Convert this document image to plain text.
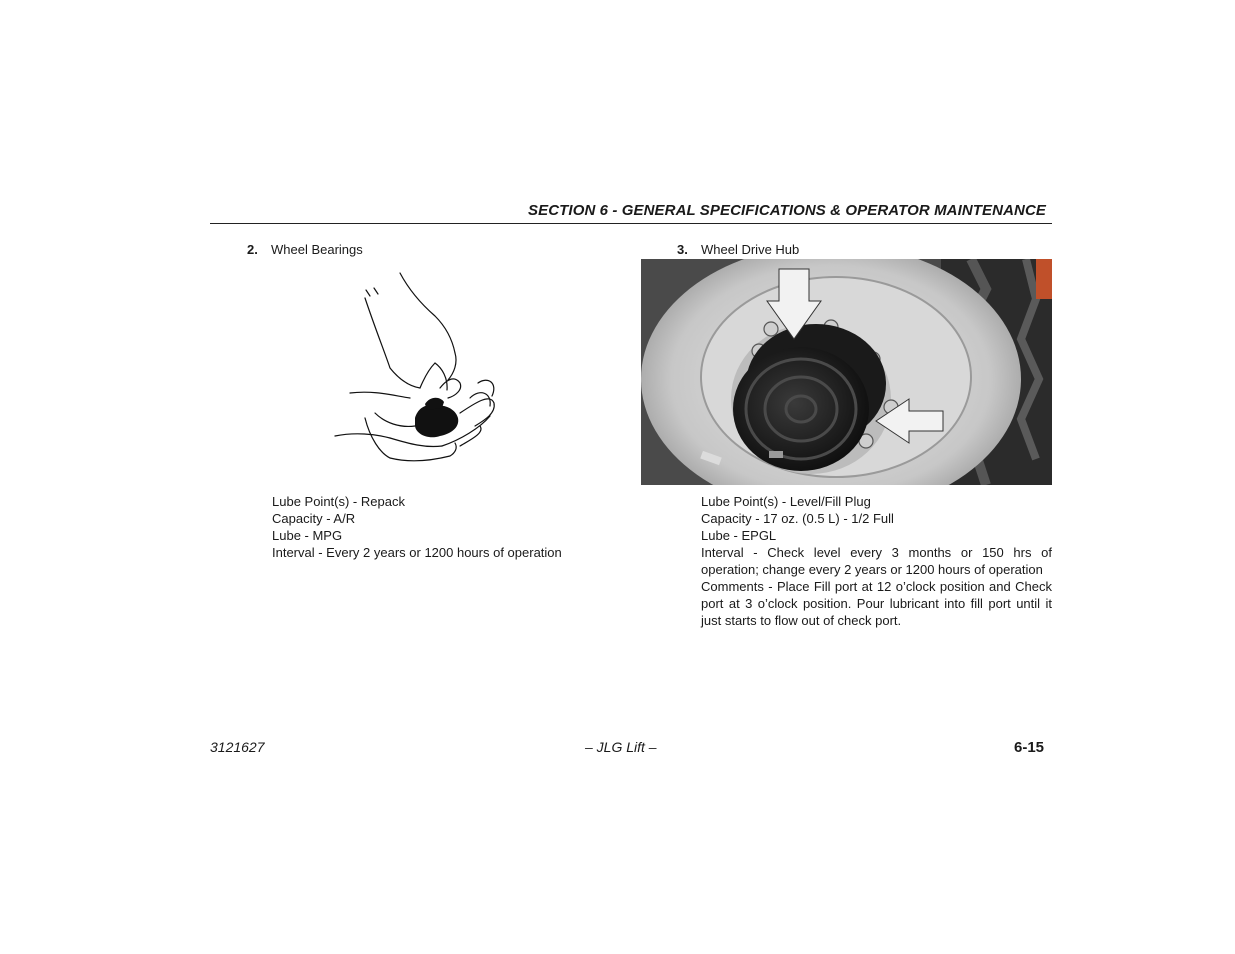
SECTION 6 - GENERAL SPECIFICATIONS & OPERATOR MAINTENANCE
2. Wheel Bearings
Lube Point(s) - Repack
Capacity - A/R
Lube - MPG
Interval - Every 2 years or 1200 hours of operation
3. Wheel Drive Hub
Lube Point(s) - Level/Fill Plug
Capacity - 17 oz. (0.5 L) - 1/2 Full
Lube - EPGL
Interval - Check level every 3 months or 150 hrs of operation; change every 2 years or 1200 hours of operation
Comments - Place Fill port at 12 o’clock position and Check port at 3 o’clock position. Pour lubricant into fill port until it just starts to flow out of check port.
3121627	– JLG Lift –	6-15
